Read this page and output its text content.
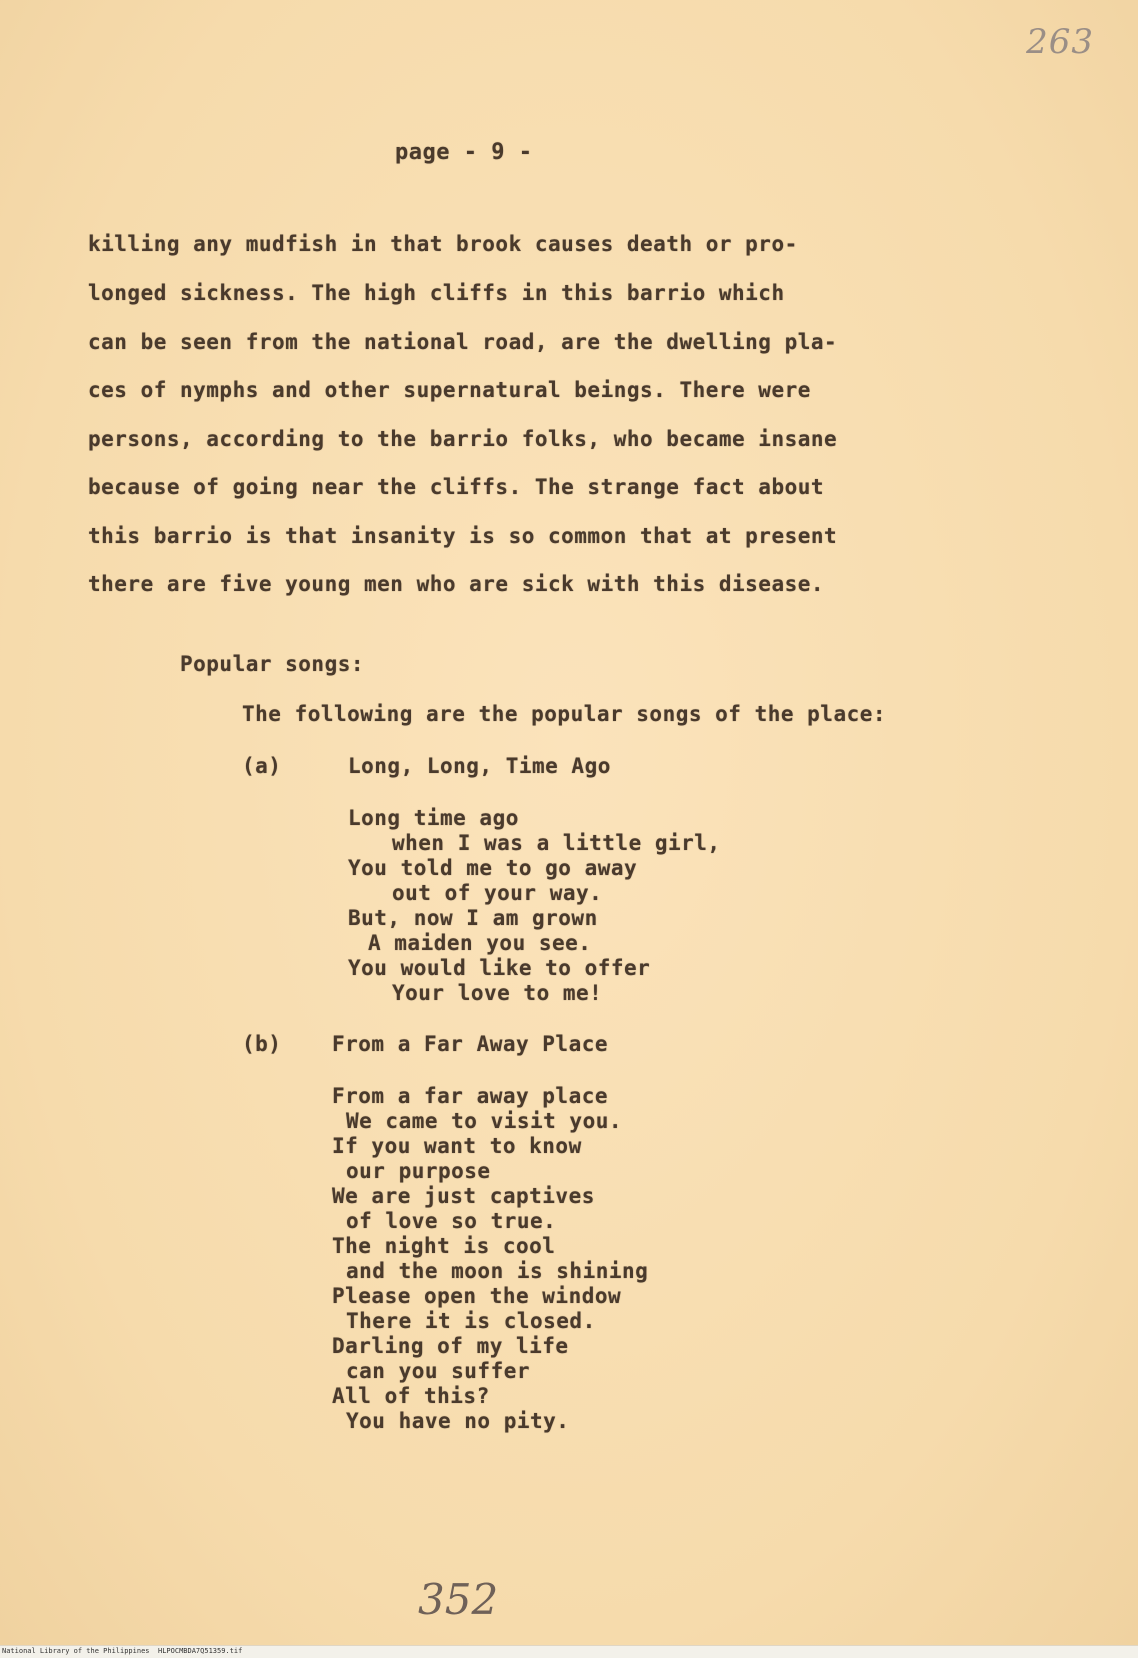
263
page - 9 -
killing any mudfish in that brook causes death or pro-
longed sickness. The high cliffs in this barrio which
can be seen from the national road, are the dwelling pla-
ces of nymphs and other supernatural beings. There were
persons, according to the barrio folks, who became insane
because of going near the cliffs. The strange fact about
this barrio is that insanity is so common that at present
there are five young men who are sick with this disease.
Popular songs:
The following are the popular songs of the place:
(a)	Long, Long, Time Ago
Long time ago
when I was a little girl,
You told me to go away
out of your way.
But, now I am grown
A maiden you see.
You would like to offer
Your love to me!
(b) From a Far Away Place
From a far away place
We came to visit you.
If you want to know
our purpose
We are just captives
of love so true.
The night is cool
and the moon is shining
Please open the window
There it is closed.
Darling of my life
can you suffer
All of this?
You have no pity.
352
National Library of the Philippines HLPOCMBDA7Q51359.tif
